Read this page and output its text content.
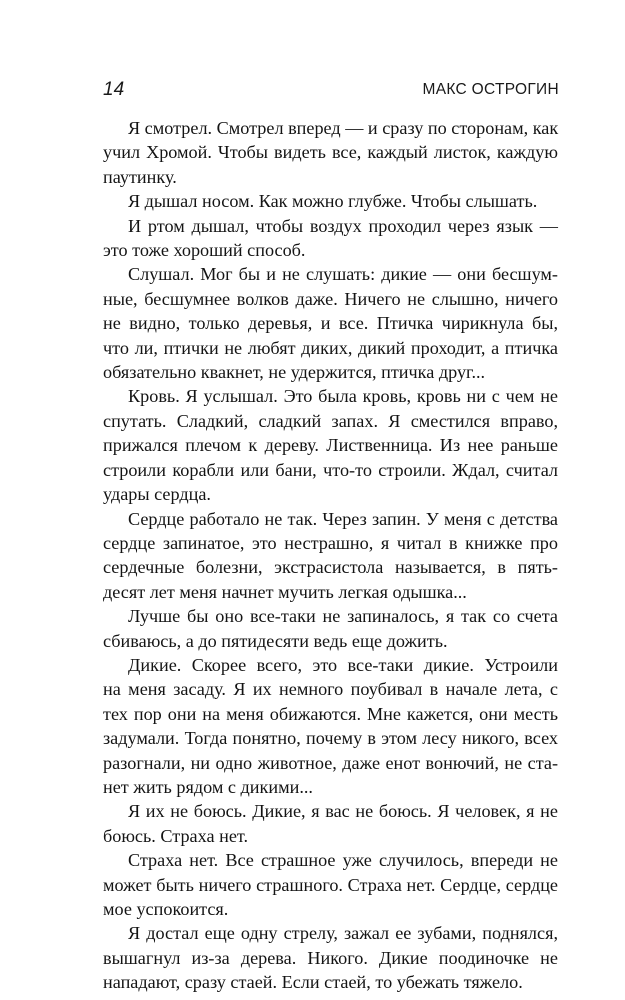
14	МАКС ОСТРОГИН

Я смотрел. Смотрел вперед — и сразу по сторонам, как
учил Хромой. Чтобы видеть все, каждый листок, каждую
паутинку.

Я дышал носом. Как можно глубже. Чтобы слышать.

И ртом дышал, чтобы воздух проходил через язык —
это тоже хороший способ.

Слушал. Мог бы и не слушать: дикие — они бесшум-
ные, бесшумнее волков даже. Ничего не слышно, ничего
не видно, только деревья, и все. Птичка чирикнула бы,
что ли, птички не любят диких, дикий проходит, а птичка
обязательно квакнет, не удержится, птичка друг...

Кровь. Я услышал. Это была кровь, кровь ни с чем не
спутать. Сладкий, сладкий запах. Я сместился вправо,
прижался плечом к дереву. Лиственница. Из нее раньше
строили корабли или бани, что-то строили. Ждал, считал
удары сердца.

Сердце работало не так. Через запин. У меня с детства
сердце запинатое, это нестрашно, я читал в книжке про
сердечные болезни, экстрасистола называется, в пять-
десят лет меня начнет мучить легкая одышка...

Лучше бы оно все-таки не запиналось, я так со счета
сбиваюсь, а до пятидесяти ведь еще дожить.

Дикие. Скорее всего, это все-таки дикие. Устроили
на меня засаду. Я их немного поубивал в начале лета, с
тех пор они на меня обижаются. Мне кажется, они месть
задумали. Тогда понятно, почему в этом лесу никого, всех
разогнали, ни одно животное, даже енот вонючий, не ста-
нет жить рядом с дикими...

Я их не боюсь. Дикие, я вас не боюсь. Я человек, я не
боюсь. Страха нет.

Страха нет. Все страшное уже случилось, впереди не
может быть ничего страшного. Страха нет. Сердце, сердце
мое успокоится.

Я достал еще одну стрелу, зажал ее зубами, поднялся,
вышагнул из-за дерева. Никого. Дикие поодиночке не
нападают, сразу стаей. Если стаей, то убежать тяжело.
